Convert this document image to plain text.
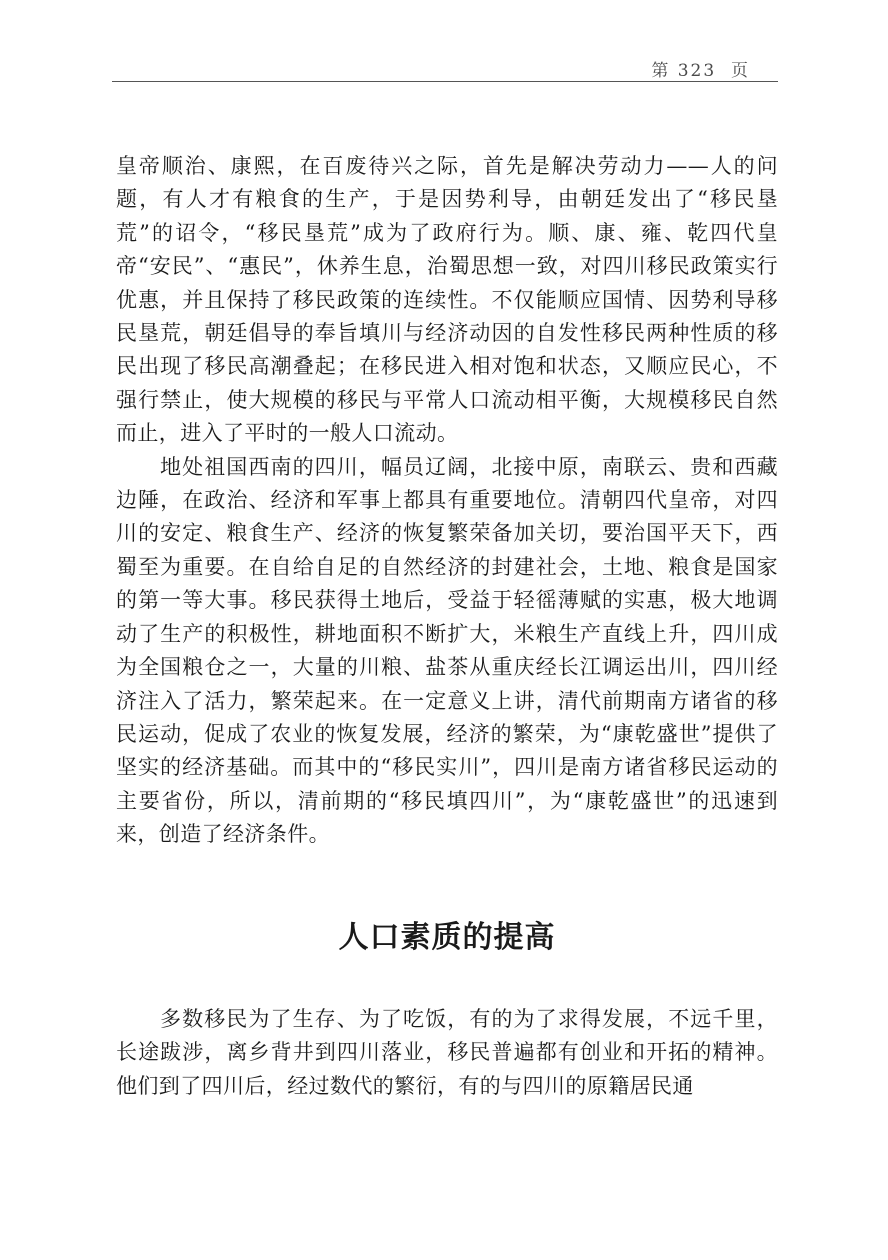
第 323  页

皇帝顺治、康熙，在百废待兴之际，首先是解决劳动力——人的问题，有人才有粮食的生产，于是因势利导，由朝廷发出了“移民垦荒”的诏令，“移民垦荒”成为了政府行为。顺、康、雍、乾四代皇帝“安民”、“惠民”，休养生息，治蜀思想一致，对四川移民政策实行优惠，并且保持了移民政策的连续性。不仅能顺应国情、因势利导移民垦荒，朝廷倡导的奉旨填川与经济动因的自发性移民两种性质的移民出现了移民高潮叠起；在移民进入相对饱和状态，又顺应民心，不强行禁止，使大规模的移民与平常人口流动相平衡，大规模移民自然而止，进入了平时的一般人口流动。

地处祖国西南的四川，幅员辽阔，北接中原，南联云、贵和西藏边陲，在政治、经济和军事上都具有重要地位。清朝四代皇帝，对四川的安定、粮食生产、经济的恢复繁荣备加关切，要治国平天下，西蜀至为重要。在自给自足的自然经济的封建社会，土地、粮食是国家的第一等大事。移民获得土地后，受益于轻徭薄赋的实惠，极大地调动了生产的积极性，耕地面积不断扩大，米粮生产直线上升，四川成为全国粮仓之一，大量的川粮、盐茶从重庆经长江调运出川，四川经济注入了活力，繁荣起来。在一定意义上讲，清代前期南方诸省的移民运动，促成了农业的恢复发展，经济的繁荣，为“康乾盛世”提供了坚实的经济基础。而其中的“移民实川”，四川是南方诸省移民运动的主要省份，所以，清前期的“移民填四川”，为“康乾盛世”的迅速到来，创造了经济条件。

人口素质的提高

多数移民为了生存、为了吃饭，有的为了求得发展，不远千里，长途跋涉，离乡背井到四川落业，移民普遍都有创业和开拓的精神。他们到了四川后，经过数代的繁衍，有的与四川的原籍居民通
